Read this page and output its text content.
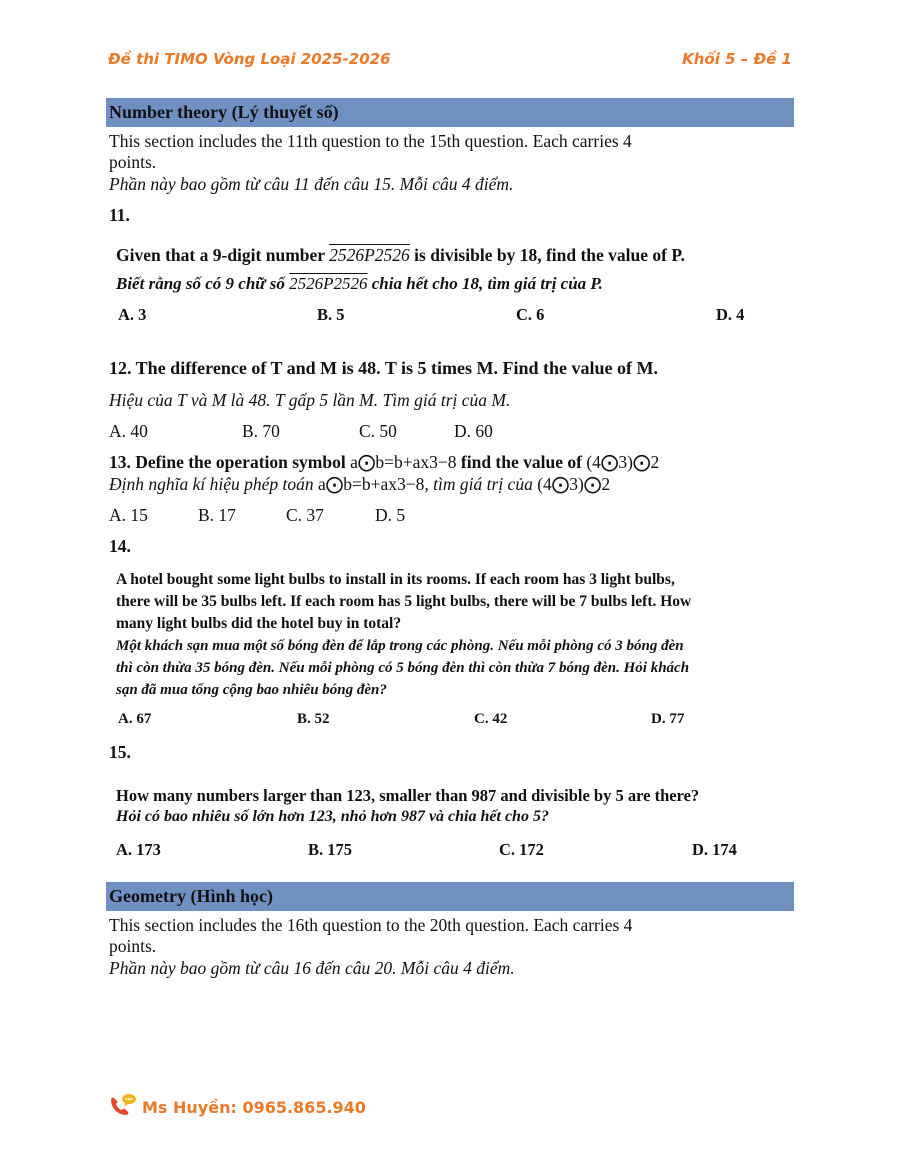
Đề thi TIMO Vòng Loại 2025-2026	Khối 5 – Đề 1
Number theory (Lý thuyết số)
This section includes the 11th question to the 15th question. Each carries 4
points.
Phần này bao gồm từ câu 11 đến câu 15. Mỗi câu 4 điểm.
11.
Given that a 9-digit number 2526P2526 is divisible by 18, find the value of P.
Biết rằng số có 9 chữ số 2526P2526 chia hết cho 18, tìm giá trị của P.
A. 3	B. 5	C. 6	D. 4
12. The difference of T and M is 48. T is 5 times M. Find the value of M.
Hiệu của T và M là 48. T gấp 5 lần M. Tìm giá trị của M.
A. 40	B. 70	C. 50	D. 60
13. Define the operation symbol a⨀b=b+ax3−8 find the value of (4⨀3)⨀2
Định nghĩa kí hiệu phép toán a⨀b=b+ax3−8, tìm giá trị của (4⨀3)⨀2
A. 15	B. 17	C. 37	D. 5
14.
A hotel bought some light bulbs to install in its rooms. If each room has 3 light bulbs,
there will be 35 bulbs left. If each room has 5 light bulbs, there will be 7 bulbs left. How
many light bulbs did the hotel buy in total?
Một khách sạn mua một số bóng đèn để lắp trong các phòng. Nếu mỗi phòng có 3 bóng đèn
thì còn thừa 35 bóng đèn. Nếu mỗi phòng có 5 bóng đèn thì còn thừa 7 bóng đèn. Hỏi khách
sạn đã mua tổng cộng bao nhiêu bóng đèn?
A. 67	B. 52	C. 42	D. 77
15.
How many numbers larger than 123, smaller than 987 and divisible by 5 are there?
Hỏi có bao nhiêu số lớn hơn 123, nhỏ hơn 987 và chia hết cho 5?
A. 173	B. 175	C. 172	D. 174
Geometry (Hình học)
This section includes the 16th question to the 20th question. Each carries 4
points.
Phần này bao gồm từ câu 16 đến câu 20. Mỗi câu 4 điểm.
Ms Huyền: 0965.865.940
